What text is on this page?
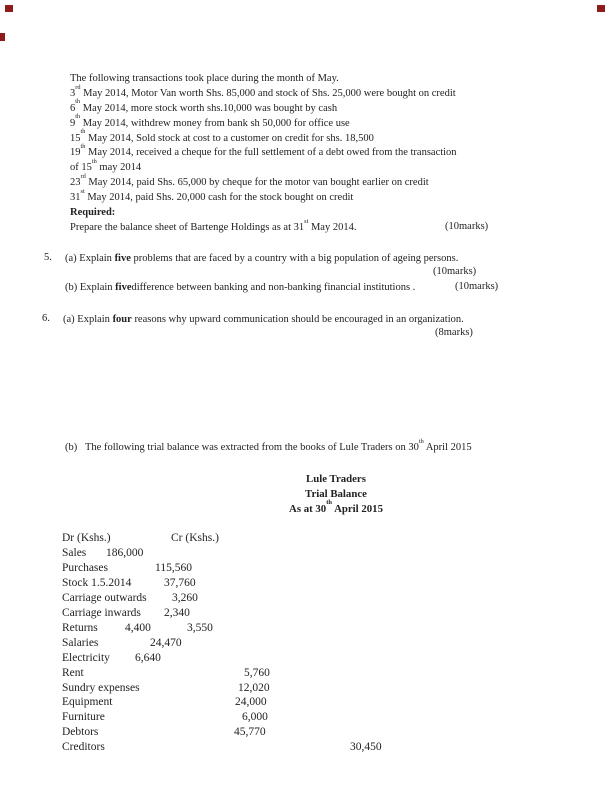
The following transactions took place during the month of May.
3rd May 2014, Motor Van worth Shs. 85,000 and stock of Shs. 25,000 were bought on credit
6th May 2014, more stock worth shs.10,000 was bought by cash
9th May 2014, withdrew money from bank sh 50,000 for office use
15th May 2014, Sold stock at cost to a customer on credit for shs. 18,500
19th May 2014, received a cheque for the full settlement of a debt owed from the transaction
of 15th may 2014
23rd May 2014, paid Shs. 65,000 by cheque for the motor van bought earlier on credit
31st May 2014, paid Shs. 20,000 cash for the stock bought on credit
Required:
Prepare the balance sheet of Bartenge Holdings as at 31st May 2014.	(10marks)
5. (a) Explain five problems that are faced by a country with a big population of ageing persons.
(10marks)
(b) Explain fivedifference between banking and non-banking financial institutions .	(10marks)
6. (a) Explain four reasons why upward communication should be encouraged in an organization.
(8marks)
(b) The following trial balance was extracted from the books of Lule Traders on 30th April 2015
Lule Traders
Trial Balance
As at 30th April 2015
Dr (Kshs.)	Cr (Kshs.)
Sales 186,000
Purchases	115,560
Stock 1.5.2014	37,760
Carriage outwards 3,260
Carriage inwards 2,340
Returns 4,400	3,550
Salaries	24,470
Electricity 6,640
Rent	5,760
Sundry expenses	12,020
Equipment	24,000
Furniture	6,000
Debtors	45,770
Creditors	30,450
